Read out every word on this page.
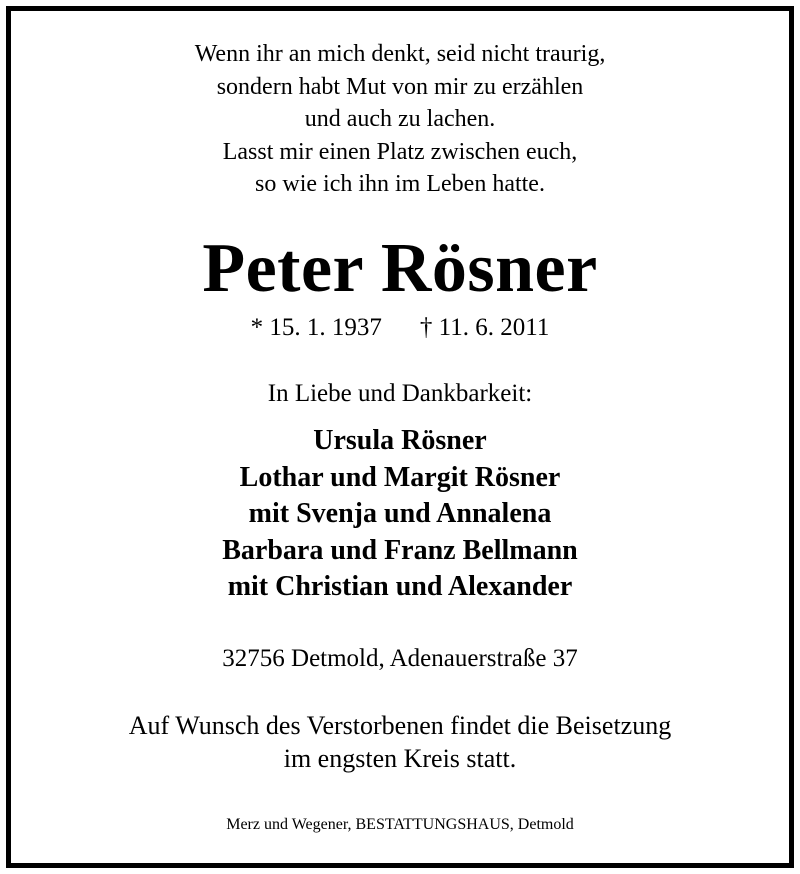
Wenn ihr an mich denkt, seid nicht traurig,
sondern habt Mut von mir zu erzählen
und auch zu lachen.
Lasst mir einen Platz zwischen euch,
so wie ich ihn im Leben hatte.
Peter Rösner
* 15. 1. 1937 † 11. 6. 2011
In Liebe und Dankbarkeit:
Ursula Rösner
Lothar und Margit Rösner
mit Svenja und Annalena
Barbara und Franz Bellmann
mit Christian und Alexander
32756 Detmold, Adenauerstraße 37
Auf Wunsch des Verstorbenen findet die Beisetzung
im engsten Kreis statt.
Merz und Wegener, BESTATTUNGSHAUS, Detmold
